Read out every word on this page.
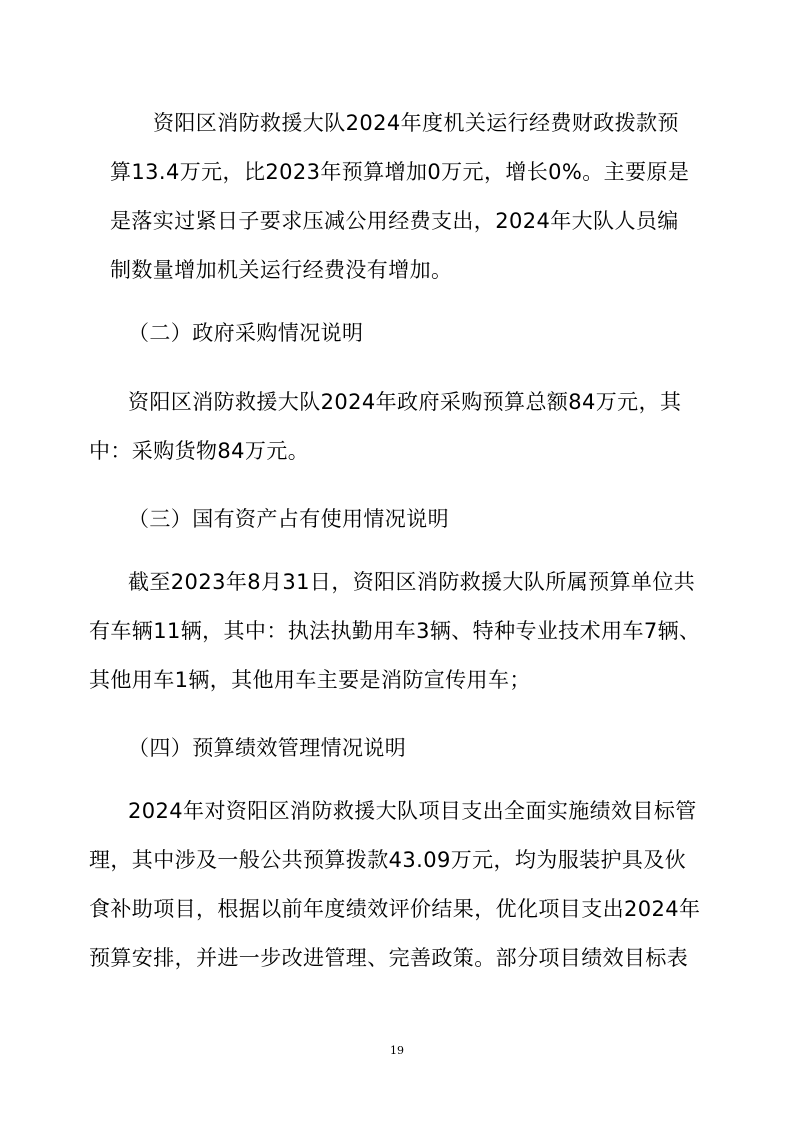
资阳区消防救援大队2024年度机关运行经费财政拨款预
算13.4万元，比2023年预算增加0万元，增长0%。主要原是
是落实过紧日子要求压减公用经费支出，2024年大队人员编
制数量增加机关运行经费没有增加。
（二）政府采购情况说明
资阳区消防救援大队2024年政府采购预算总额84万元，其
中：采购货物84万元。
（三）国有资产占有使用情况说明
截至2023年8月31日，资阳区消防救援大队所属预算单位共
有车辆11辆，其中：执法执勤用车3辆、特种专业技术用车7辆、
其他用车1辆，其他用车主要是消防宣传用车；
（四）预算绩效管理情况说明
2024年对资阳区消防救援大队项目支出全面实施绩效目标管
理，其中涉及一般公共预算拨款43.09万元，均为服装护具及伙
食补助项目，根据以前年度绩效评价结果，优化项目支出2024年
预算安排，并进一步改进管理、完善政策。部分项目绩效目标表
19
